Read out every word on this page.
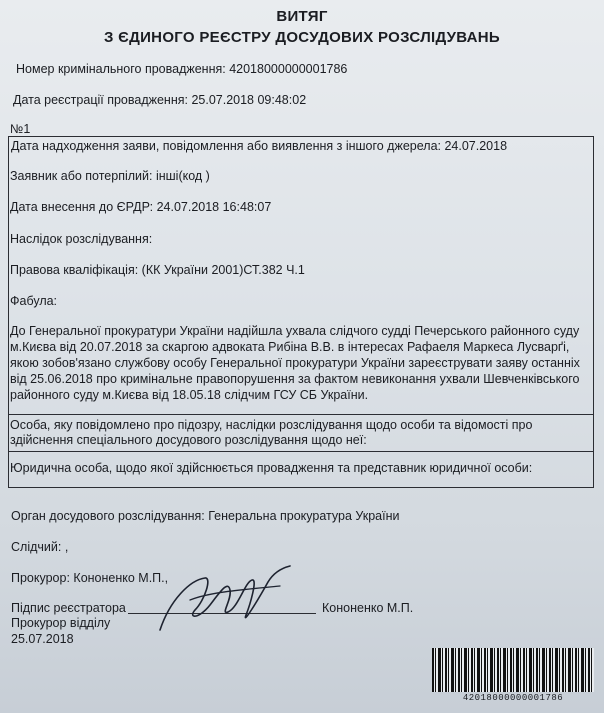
ВИТЯГ
З ЄДИНОГО РЕЄСТРУ ДОСУДОВИХ РОЗСЛІДУВАНЬ
Номер кримінального провадження: 42018000000001786
Дата реєстрації провадження: 25.07.2018 09:48:02
№1
Дата надходження заяви, повідомлення або виявлення з іншого джерела: 24.07.2018
Заявник або потерпілий: інші(код )
Дата внесення до ЄРДР: 24.07.2018 16:48:07
Наслідок розслідування:
Правова кваліфікація: (КК України 2001)СТ.382 Ч.1
Фабула:
До Генеральної прокуратури України надійшла ухвала слідчого судді Печерського районного суду
м.Києва від 20.07.2018 за скаргою адвоката Рибіна В.В. в інтересах Рафаеля Маркеса Лусварґі,
якою зобов'язано службову особу Генеральної прокуратури України зареєструвати заяву останніх
від 25.06.2018 про кримінальне правопорушення за фактом невиконання ухвали Шевченківського
районного суду м.Києва від 18.05.18 слідчим ГСУ СБ України.
Особа, яку повідомлено про підозру, наслідки розслідування щодо особи та відомості про
здійснення спеціального досудового розслідування щодо неї:
Юридична особа, щодо якої здійснюється провадження та представник юридичної особи:
Орган досудового розслідування: Генеральна прокуратура України
Слідчий: ,
Прокурор: Кононенко М.П.,
Підпис реєстратора	Кононенко М.П.
Прокурор відділу
25.07.2018
42018000000001786
